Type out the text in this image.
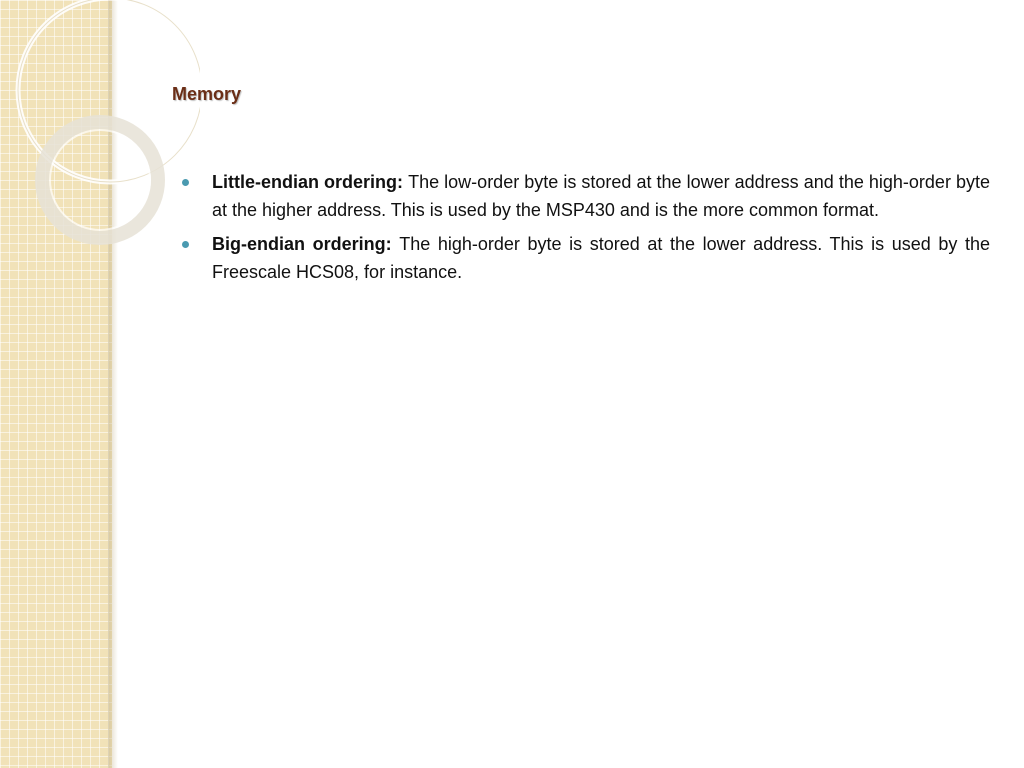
Memory
Little-endian ordering: The low-order byte is stored at the lower address and the high-order byte at the higher address. This is used by the MSP430 and is the more common format.
Big-endian ordering: The high-order byte is stored at the lower address. This is used by the Freescale HCS08, for instance.
